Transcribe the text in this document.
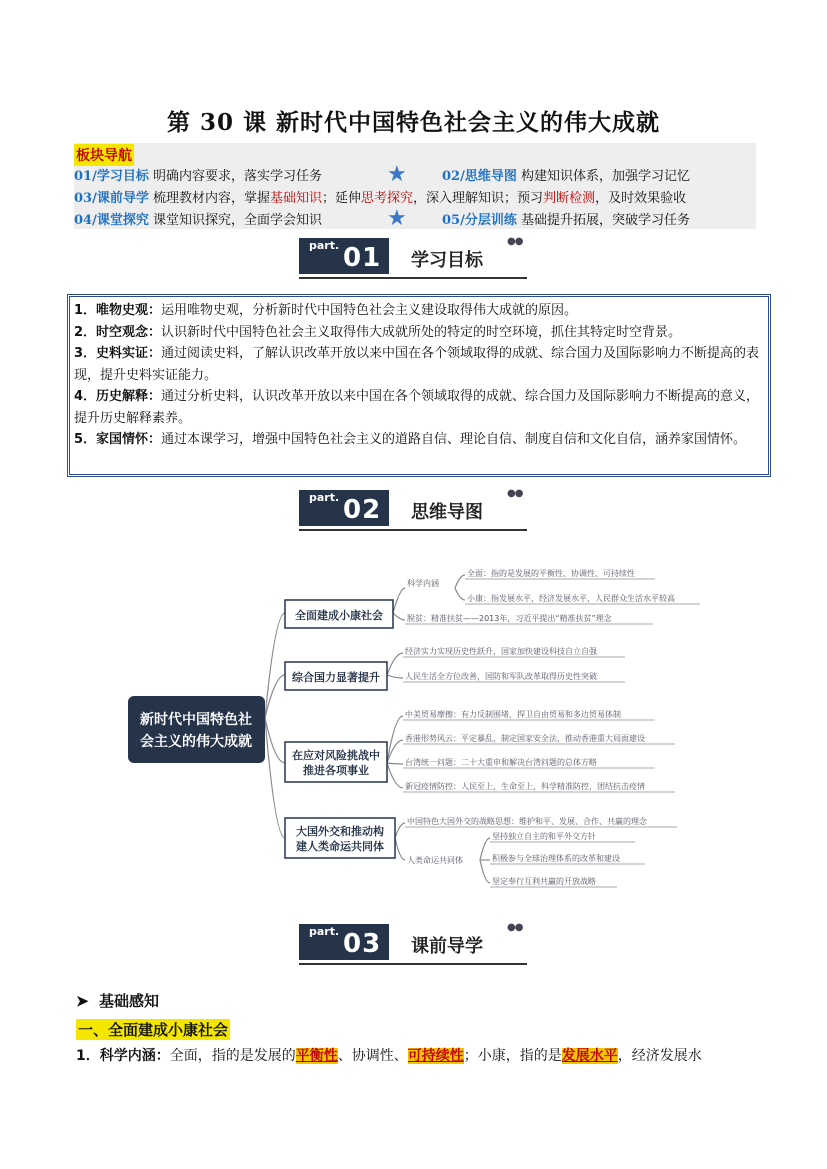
第 30 课 新时代中国特色社会主义的伟大成就
板块导航
01/学习目标 明确内容要求，落实学习任务	★	02/思维导图 构建知识体系，加强学习记忆
03/课前导学 梳理教材内容，掌握基础知识；延伸思考探究，深入理解知识；预习判断检测，及时效果验收
04/课堂探究 课堂知识探究，全面学会知识	★	05/分层训练 基础提升拓展，突破学习任务
part. 01 学习目标
●●

1．唯物史观：运用唯物史观，分析新时代中国特色社会主义建设取得伟大成就的原因。

2．时空观念：认识新时代中国特色社会主义取得伟大成就所处的特定的时空环境，抓住其特定时空背景。

3．史料实证：通过阅读史料，了解认识改革开放以来中国在各个领域取得的成就、综合国力及国际影响力不断提高的表现，提升史料实证能力。

4．历史解释：通过分析史料，认识改革开放以来中国在各个领域取得的成就、综合国力及国际影响力不断提高的意义，提升历史解释素养。

5．家国情怀：通过本课学习，增强中国特色社会主义的道路自信、理论自信、制度自信和文化自信，涵养家国情怀。

part. 02 思维导图
●●
新时代中国特色社
会主义的伟大成就
全面建成小康社会
综合国力显著提升
在应对风险挑战中
推进各项事业
大国外交和推动构
建人类命运共同体
科学内涵
全面：指的是发展的平衡性、协调性、可持续性
小康：指发展水平，经济发展水平，人民群众生活水平较高
脱贫：精准扶贫——2013年，习近平提出“精准扶贫”理念
经济实力实现历史性跃升，国家加快建设科技自立自强
人民生活全方位改善，国防和军队改革取得历史性突破
中美贸易摩擦：有力反制围堵，捍卫自由贸易和多边贸易体制
香港形势风云：平定暴乱，制定国家安全法，推动香港重大局面建设
台湾统一问题：二十大重申和解决台湾问题的总体方略
新冠疫情防控：人民至上，生命至上，科学精准防控，团结抗击疫情
中国特色大国外交的战略思想：维护和平、发展、合作、共赢的理念
人类命运共同体
坚持独立自主的和平外交方针
积极参与全球治理体系的改革和建设
坚定奉行互利共赢的开放战略
part. 03 课前导学
●●
➤ 基础感知
一、全面建成小康社会
1．科学内涵：全面，指的是发展的平衡性、协调性、可持续性；小康，指的是发展水平，经济发展水
